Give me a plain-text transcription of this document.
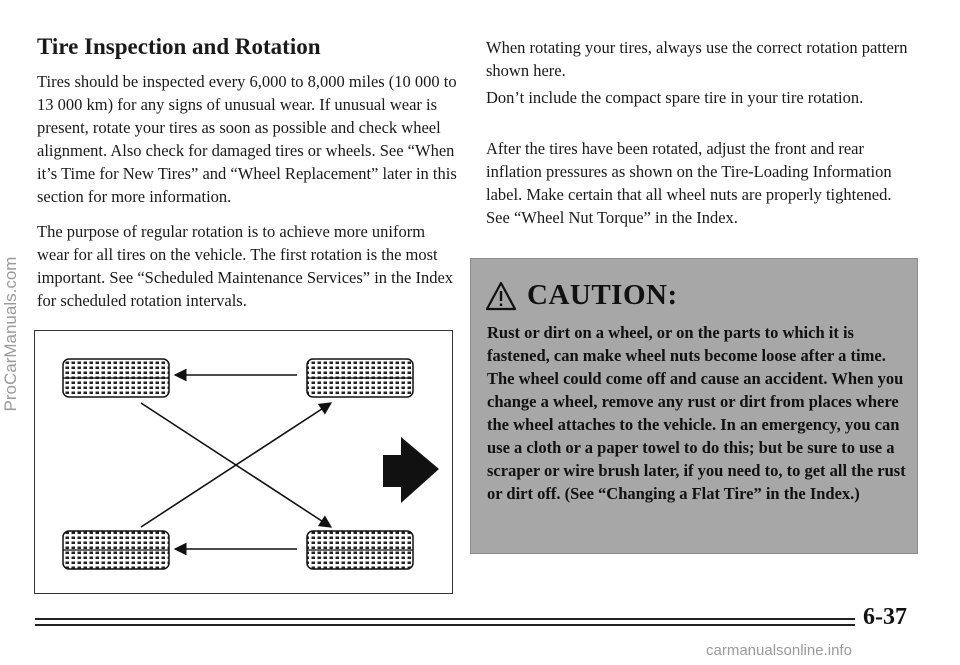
Tire Inspection and Rotation

Tires should be inspected every 6,000 to 8,000 miles (10 000 to 13 000 km) for any signs of unusual wear. If unusual wear is present, rotate your tires as soon as possible and check wheel alignment. Also check for damaged tires or wheels. See “When it’s Time for New Tires” and “Wheel Replacement” later in this section for more information.

The purpose of regular rotation is to achieve more uniform wear for all tires on the vehicle. The first rotation is the most important. See “Scheduled Maintenance Services” in the Index for scheduled rotation intervals.

When rotating your tires, always use the correct rotation pattern shown here.

Don’t include the compact spare tire in your tire rotation.

After the tires have been rotated, adjust the front and rear inflation pressures as shown on the Tire-Loading Information label. Make certain that all wheel nuts are properly tightened. See “Wheel Nut Torque” in the Index.

CAUTION:

Rust or dirt on a wheel, or on the parts to which it is fastened, can make wheel nuts become loose after a time. The wheel could come off and cause an accident. When you change a wheel, remove any rust or dirt from places where the wheel attaches to the vehicle. In an emergency, you can use a cloth or a paper towel to do this; but be sure to use a scraper or wire brush later, if you need to, to get all the rust or dirt off. (See “Changing a Flat Tire” in the Index.)

6-37

ProCarManuals.com

carmanualsonline.info
